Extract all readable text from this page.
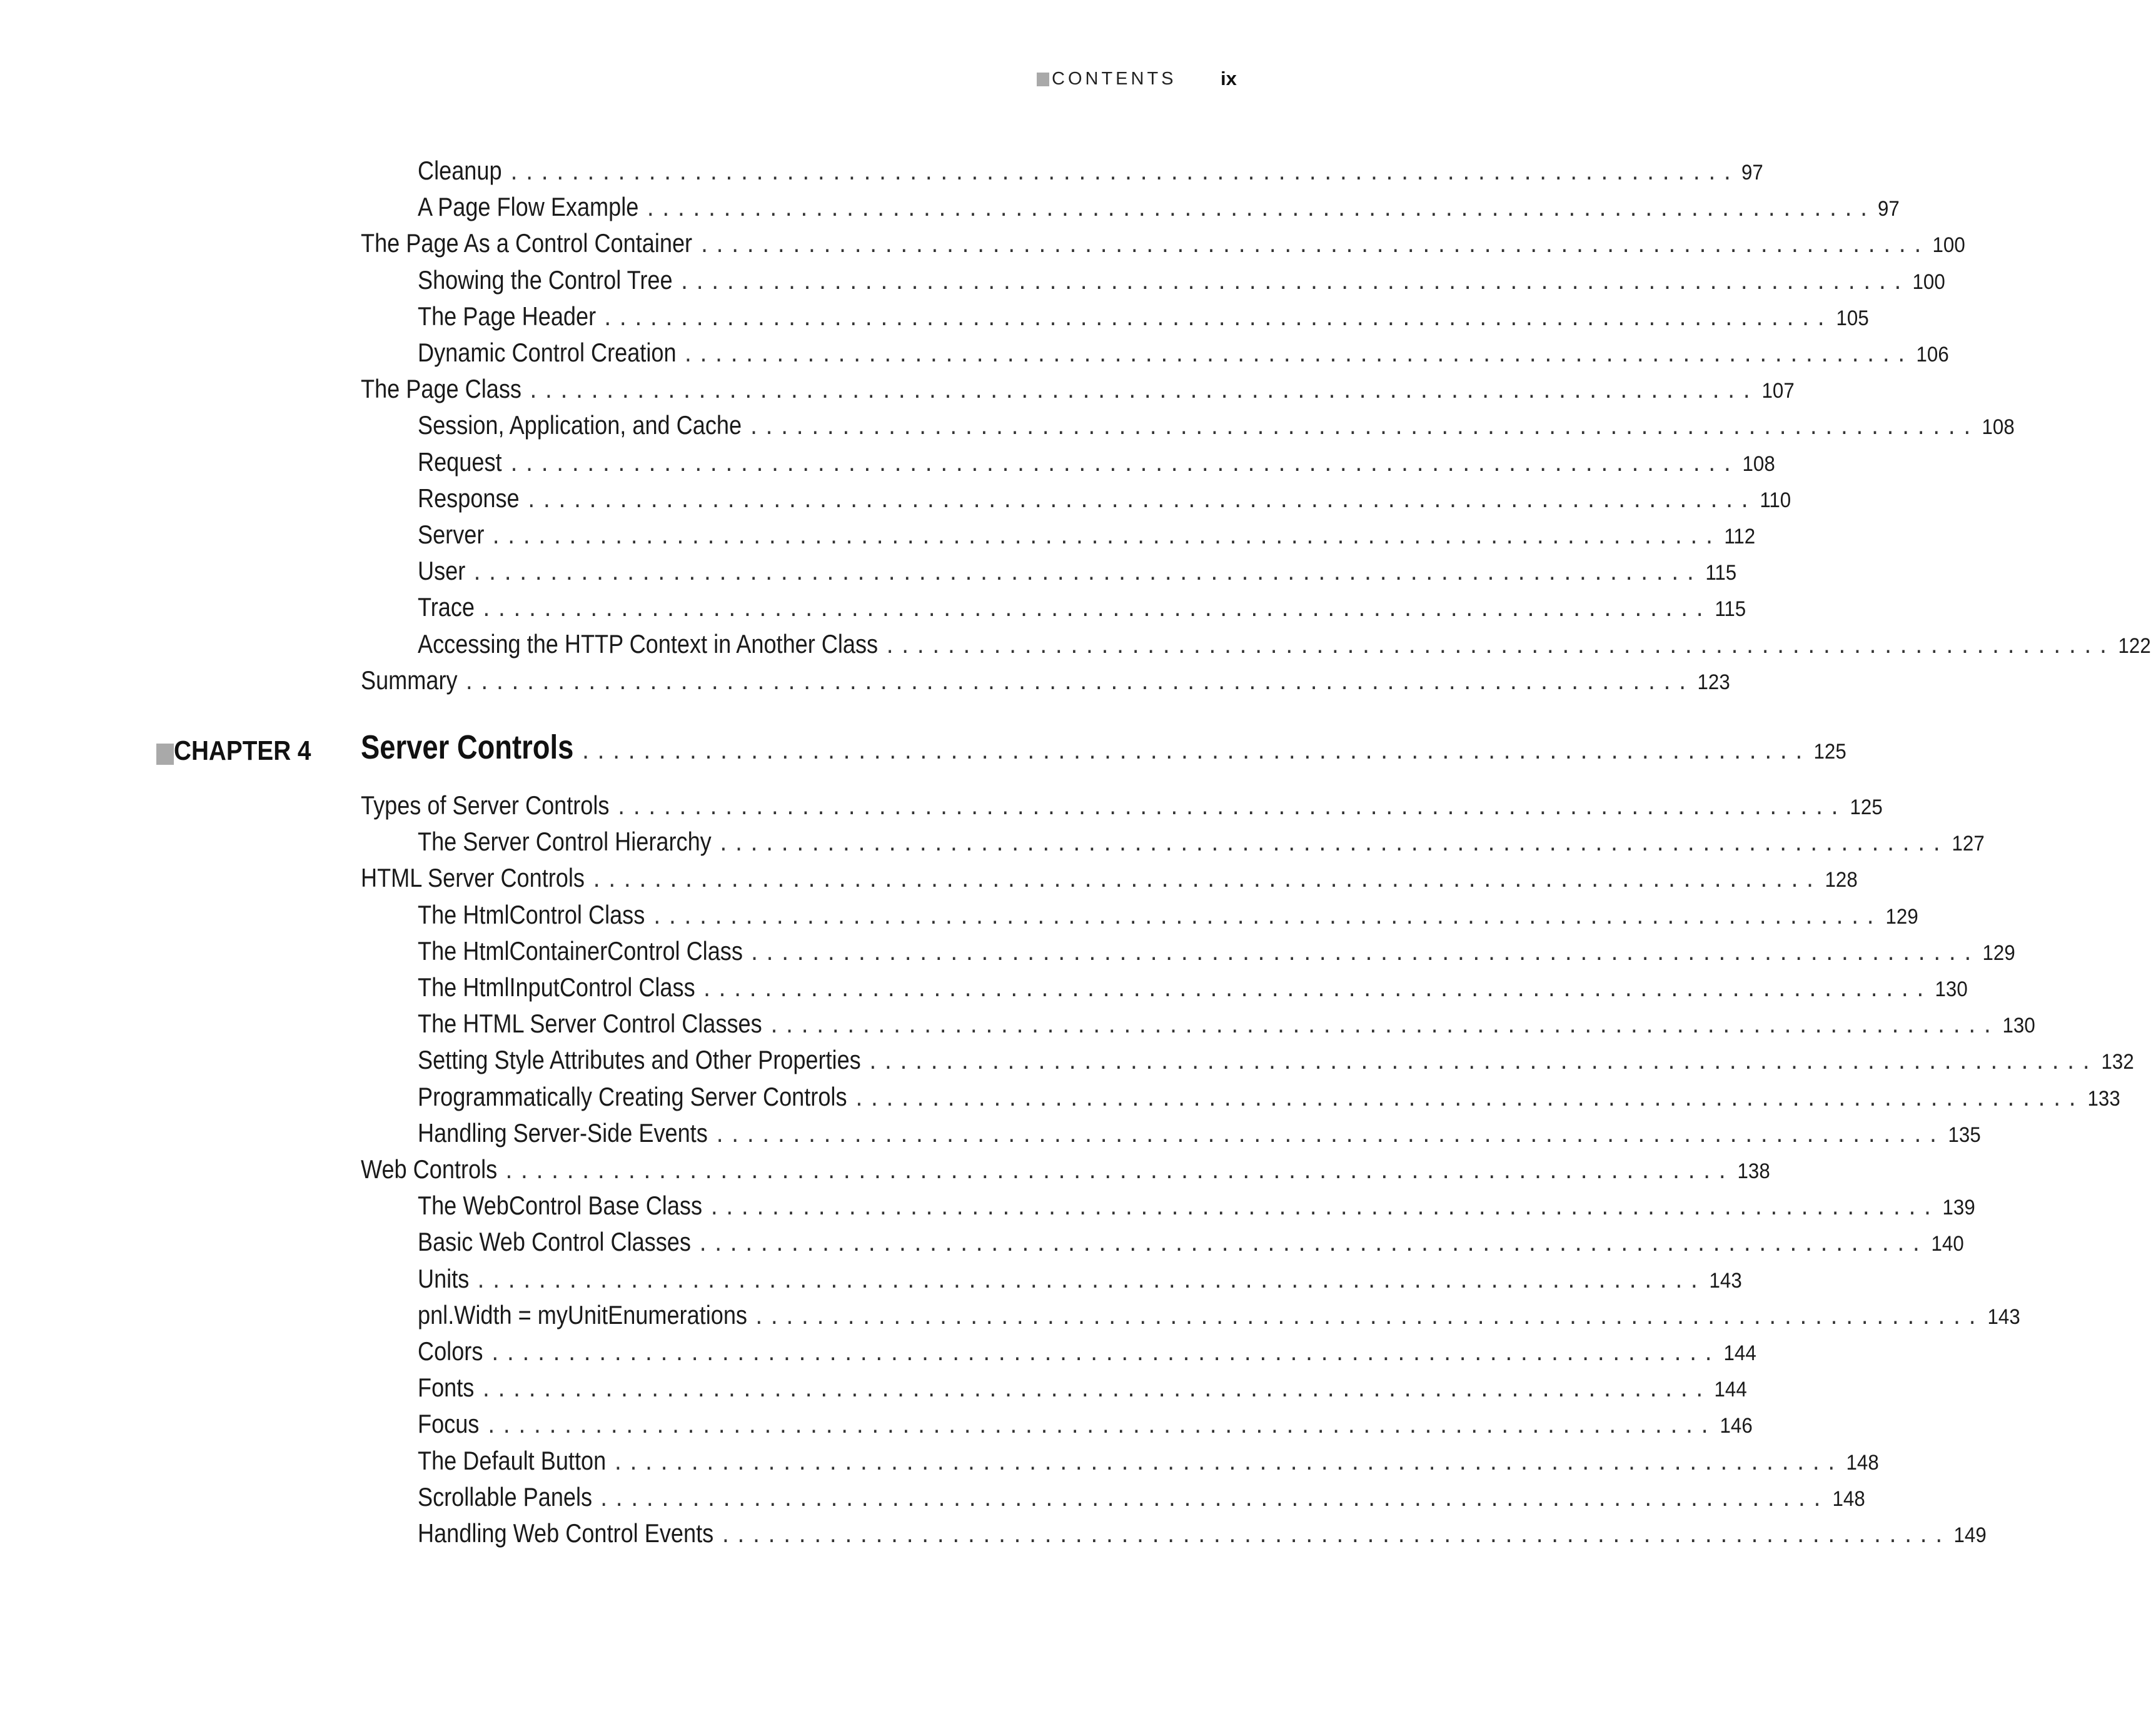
CONTENTS ix
Cleanup ................................................................................ 97
A Page Flow Example ................................................................................ 97
The Page As a Control Container ................................................................................ 100
Showing the Control Tree ................................................................................ 100
The Page Header ................................................................................ 105
Dynamic Control Creation ................................................................................ 106
The Page Class ................................................................................ 107
Session, Application, and Cache ................................................................................ 108
Request ................................................................................ 108
Response ................................................................................ 110
Server ................................................................................ 112
User ................................................................................ 115
Trace ................................................................................ 115
Accessing the HTTP Context in Another Class ................................................................................ 122
Summary ................................................................................ 123
CHAPTER 4 Server Controls ................................................................................ 125
Types of Server Controls ................................................................................ 125
The Server Control Hierarchy ................................................................................ 127
HTML Server Controls ................................................................................ 128
The HtmlControl Class ................................................................................ 129
The HtmlContainerControl Class ................................................................................ 129
The HtmlInputControl Class ................................................................................ 130
The HTML Server Control Classes ................................................................................ 130
Setting Style Attributes and Other Properties ................................................................................ 132
Programmatically Creating Server Controls ................................................................................ 133
Handling Server-Side Events ................................................................................ 135
Web Controls ................................................................................ 138
The WebControl Base Class ................................................................................ 139
Basic Web Control Classes ................................................................................ 140
Units ................................................................................ 143
pnl.Width = myUnitEnumerations ................................................................................ 143
Colors ................................................................................ 144
Fonts ................................................................................ 144
Focus ................................................................................ 146
The Default Button ................................................................................ 148
Scrollable Panels ................................................................................ 148
Handling Web Control Events ................................................................................ 149
